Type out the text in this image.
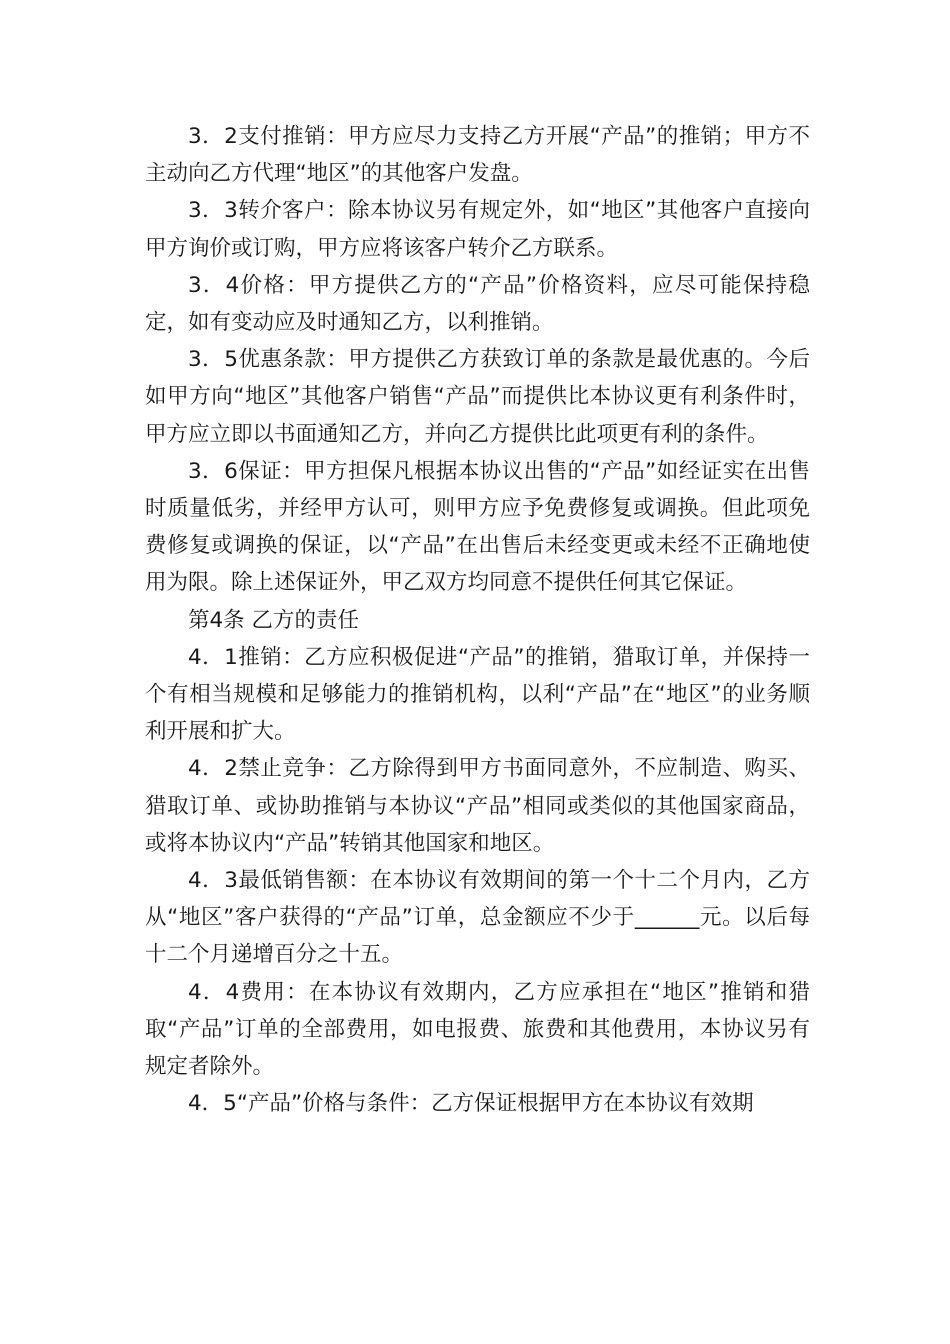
3．2支付推销：甲方应尽力支持乙方开展“产品”的推销；甲方不主动向乙方代理“地区”的其他客户发盘。

3．3转介客户：除本协议另有规定外，如“地区”其他客户直接向甲方询价或订购，甲方应将该客户转介乙方联系。

3．4价格：甲方提供乙方的“产品”价格资料，应尽可能保持稳定，如有变动应及时通知乙方，以利推销。

3．5优惠条款：甲方提供乙方获致订单的条款是最优惠的。今后如甲方向“地区”其他客户销售“产品”而提供比本协议更有利条件时，甲方应立即以书面通知乙方，并向乙方提供比此项更有利的条件。

3．6保证：甲方担保凡根据本协议出售的“产品”如经证实在出售时质量低劣，并经甲方认可，则甲方应予免费修复或调换。但此项免费修复或调换的保证，以“产品”在出售后未经变更或未经不正确地使用为限。除上述保证外，甲乙双方均同意不提供任何其它保证。

第4条 乙方的责任

4．1推销：乙方应积极促进“产品”的推销，猎取订单，并保持一个有相当规模和足够能力的推销机构，以利“产品”在“地区”的业务顺利开展和扩大。

4．2禁止竞争：乙方除得到甲方书面同意外，不应制造、购买、猎取订单、或协助推销与本协议“产品”相同或类似的其他国家商品，或将本协议内“产品”转销其他国家和地区。

4．3最低销售额：在本协议有效期间的第一个十二个月内，乙方从“地区”客户获得的“产品”订单，总金额应不少于______元。以后每十二个月递增百分之十五。

4．4费用：在本协议有效期内，乙方应承担在“地区”推销和猎取“产品”订单的全部费用，如电报费、旅费和其他费用，本协议另有规定者除外。

4．5“产品”价格与条件：乙方保证根据甲方在本协议有效期
